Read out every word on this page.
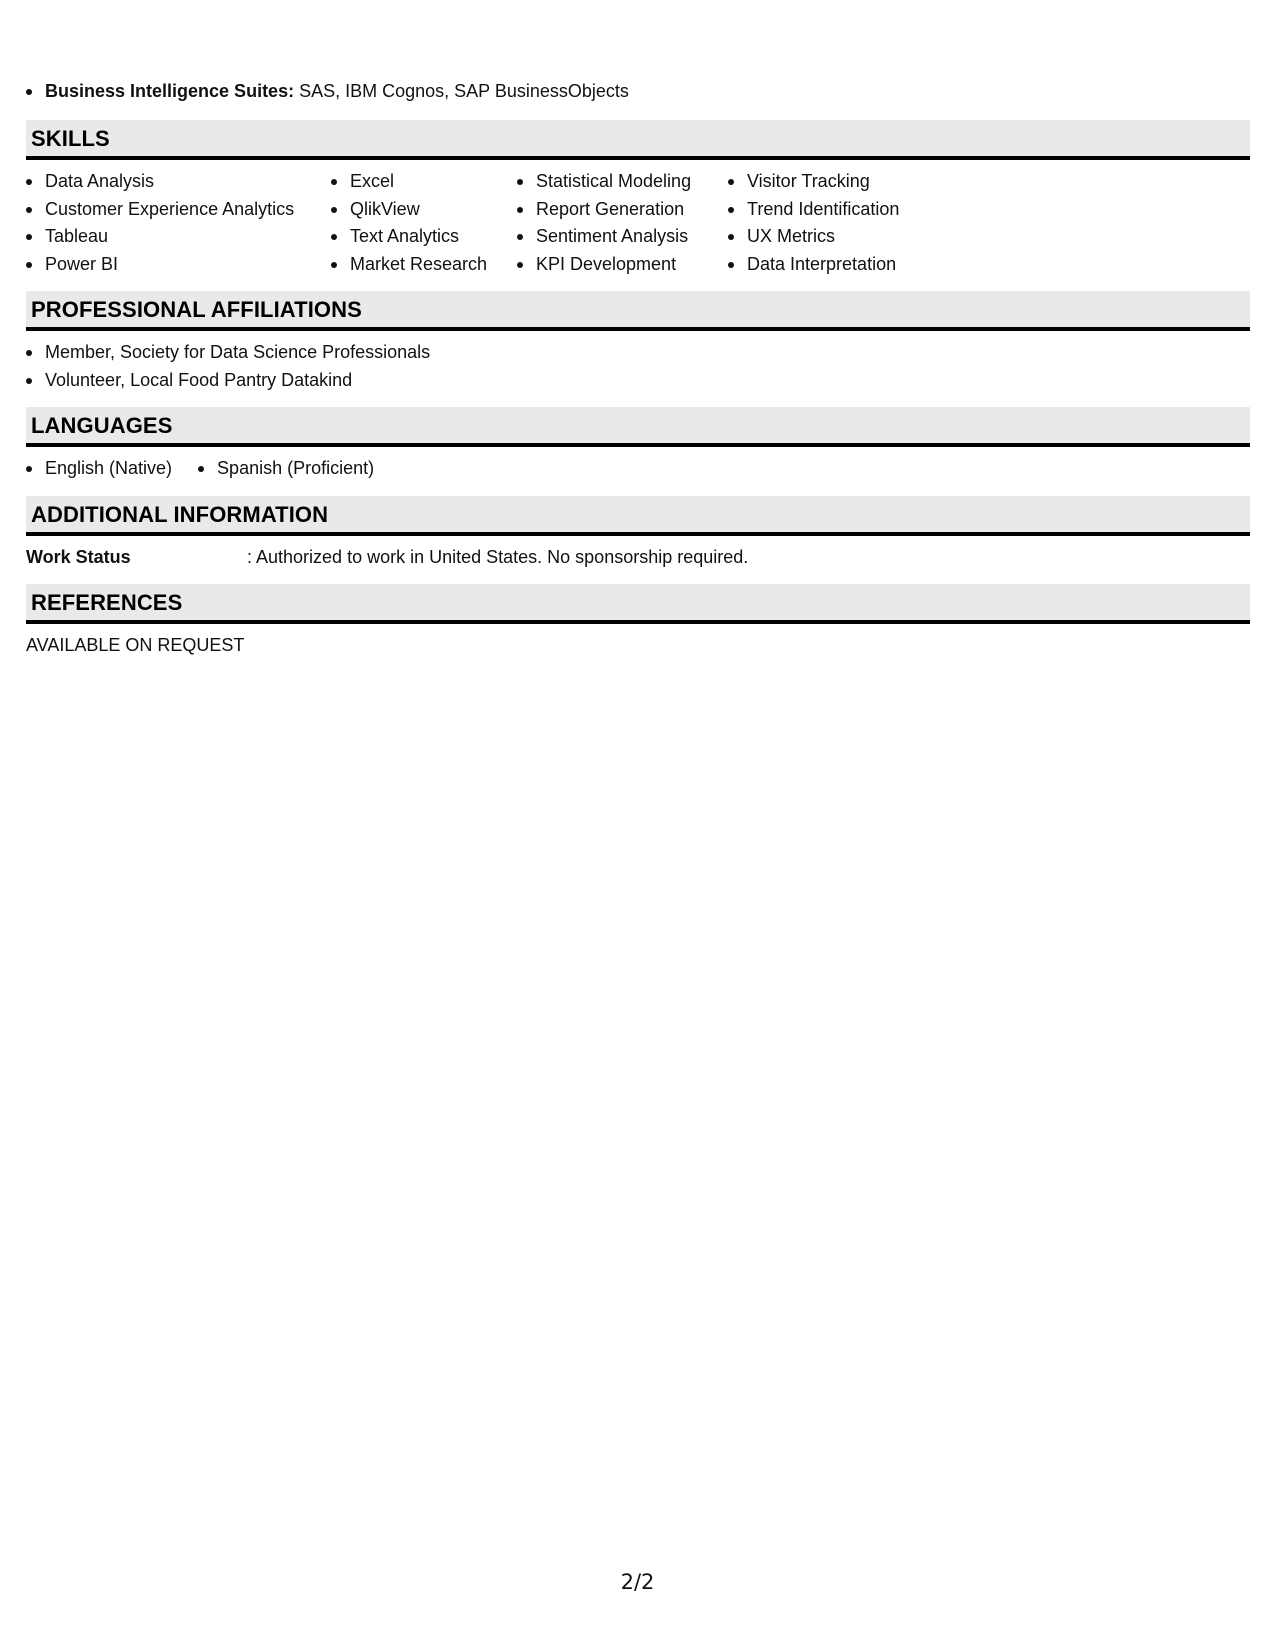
Business Intelligence Suites: SAS, IBM Cognos, SAP BusinessObjects
SKILLS
Data Analysis
Customer Experience Analytics
Tableau
Power BI
Excel
QlikView
Text Analytics
Market Research
Statistical Modeling
Report Generation
Sentiment Analysis
KPI Development
Visitor Tracking
Trend Identification
UX Metrics
Data Interpretation
PROFESSIONAL AFFILIATIONS
Member, Society for Data Science Professionals
Volunteer, Local Food Pantry Datakind
LANGUAGES
English (Native)	Spanish (Proficient)
ADDITIONAL INFORMATION
Work Status	: Authorized to work in United States. No sponsorship required.
REFERENCES
AVAILABLE ON REQUEST
2/2
